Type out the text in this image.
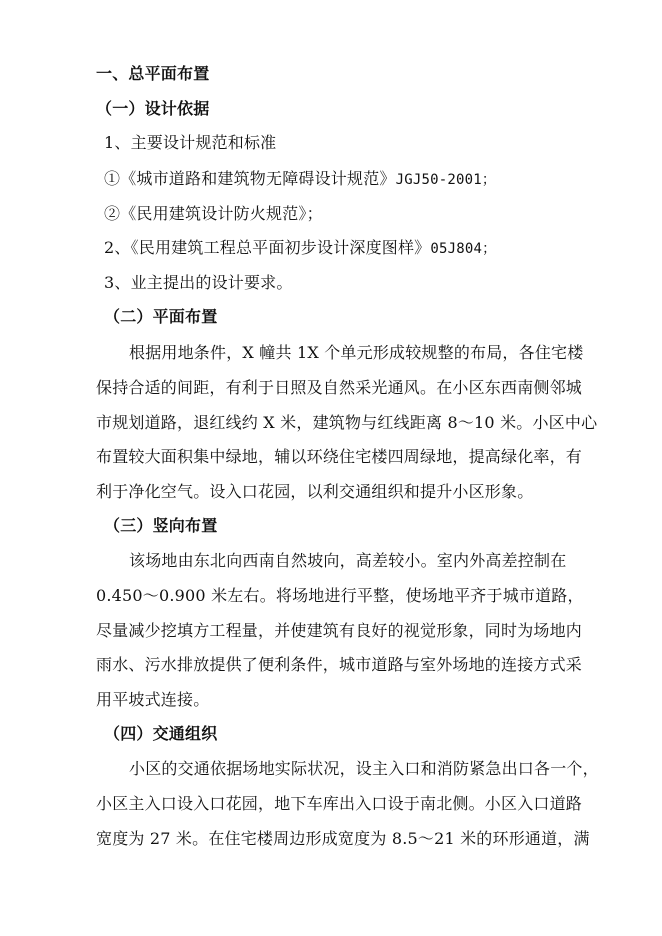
一、总平面布置
（一）设计依据
1、主要设计规范和标准
①《城市道路和建筑物无障碍设计规范》JGJ50-2001；
②《民用建筑设计防火规范》；
2、《民用建筑工程总平面初步设计深度图样》05J804；
3、业主提出的设计要求。
（二）平面布置
根据用地条件，X 幢共 1X 个单元形成较规整的布局，各住宅楼
保持合适的间距，有利于日照及自然采光通风。在小区东西南侧邻城
市规划道路，退红线约 X 米，建筑物与红线距离 8～10 米。小区中心
布置较大面积集中绿地，辅以环绕住宅楼四周绿地，提高绿化率，有
利于净化空气。设入口花园，以利交通组织和提升小区形象。
（三）竖向布置
该场地由东北向西南自然坡向，高差较小。室内外高差控制在
0.450～0.900 米左右。将场地进行平整，使场地平齐于城市道路，
尽量减少挖填方工程量，并使建筑有良好的视觉形象，同时为场地内
雨水、污水排放提供了便利条件，城市道路与室外场地的连接方式采
用平坡式连接。
（四）交通组织
小区的交通依据场地实际状况，设主入口和消防紧急出口各一个，
小区主入口设入口花园，地下车库出入口设于南北侧。小区入口道路
宽度为 27 米。在住宅楼周边形成宽度为 8.5～21 米的环形通道，满
